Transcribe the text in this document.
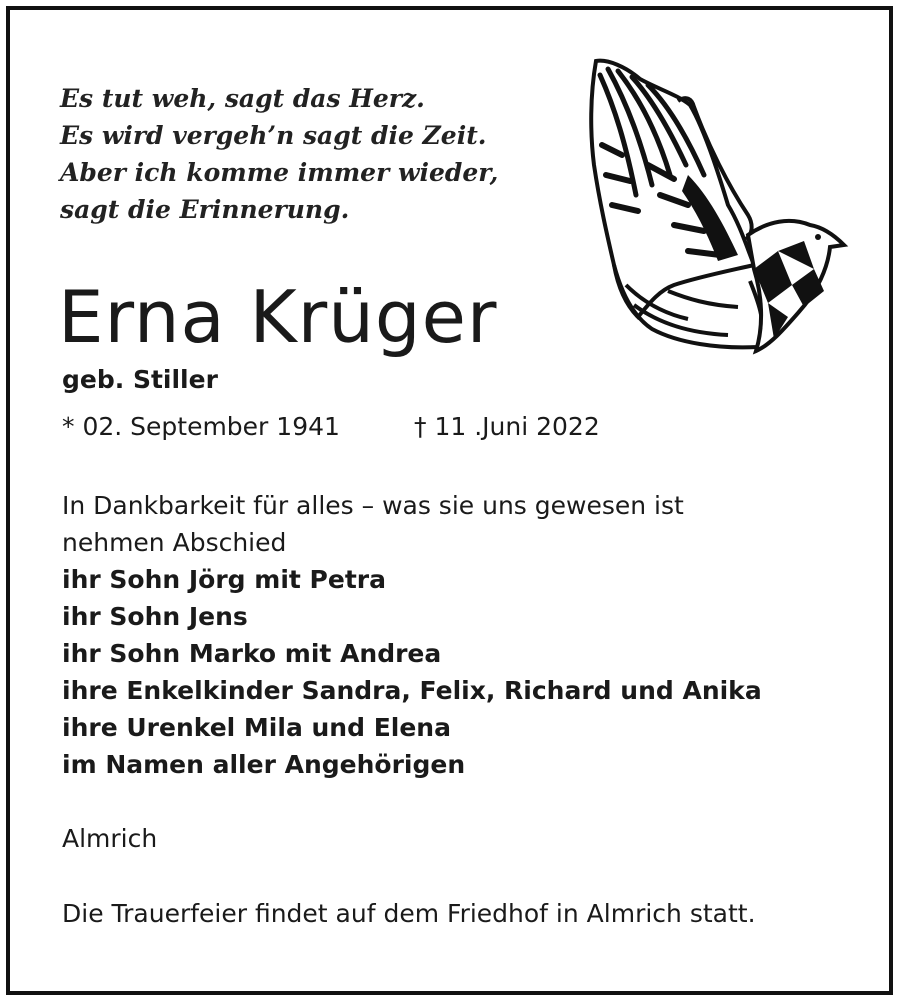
Es tut weh, sagt das Herz.
Es wird vergeh’n sagt die Zeit.
Aber ich komme immer wieder,
sagt die Erinnerung.
Erna Krüger

geb. Stiller

* 02. September 1941	† 11 .Juni 2022
In Dankbarkeit für alles – was sie uns gewesen ist
nehmen Abschied
ihr Sohn Jörg mit Petra
ihr Sohn Jens
ihr Sohn Marko mit Andrea
ihre Enkelkinder Sandra, Felix, Richard und Anika
ihre Urenkel Mila und Elena
im Namen aller Angehörigen
Almrich
Die Trauerfeier findet auf dem Friedhof in Almrich statt.
